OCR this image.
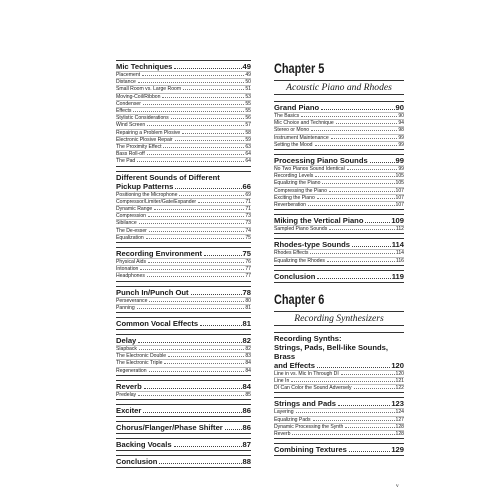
Mic Techniques	49
Placement	49
Distance	50
Small Room vs. Large Room	51
Moving-Coil/Ribbon	53
Condenser	55
Effects	55
Stylistic Considerations	56
Wind Screen	57
Repairing a Problem Plosive	58
Electronic Plosive Repair	59
The Proximity Effect	63
Bass Roll-off	64
The Pad	64
Different Sounds of Different
Pickup Patterns	66
Positioning the Microphone	69
Compressor/Limiter/Gate/Expander	71
Dynamic Range	71
Compression	73
Sibilance	73
The De-esser	74
Equalization	75
Recording Environment	75
Physical Aids	76
Intonation	77
Headphones	77
Punch In/Punch Out	78
Perseverance	80
Panning	81
Common Vocal Effects	81
Delay	82
Slapback	82
The Electronic Double	83
The Electronic Triple	84
Regeneration	84
Reverb	84
Predelay	85
Exciter	86
Chorus/Flanger/Phase Shifter	86
Backing Vocals	87
Conclusion	88
Chapter 5
Acoustic Piano and Rhodes
Grand Piano	90
The Basics	90
Mic Choice and Technique	94
Stereo or Mono	98
Instrument Maintenance	99
Setting the Mood	99
Processing Piano Sounds	99
No Two Pianos Sound Identical	99
Recording Levels	105
Equalizing the Piano	105
Compressing the Piano	107
Exciting the Piano	107
Reverberation	107
Miking the Vertical Piano	109
Sampled Piano Sounds	112
Rhodes-type Sounds	114
Rhodes Effects	114
Equalizing the Rhodes	116
Conclusion	119
Chapter 6
Recording Synthesizers
Recording Synths:
Strings, Pads, Bell-like Sounds, Brass
and Effects	120
Line in vs. Mic In Through DI	120
Line In	121
DI Can Color the Sound Adversely	122
Strings and Pads	123
Layering	124
Equalizing Pads	127
Dynamic Processing the Synth	128
Reverb	128
Combining Textures	129
v
